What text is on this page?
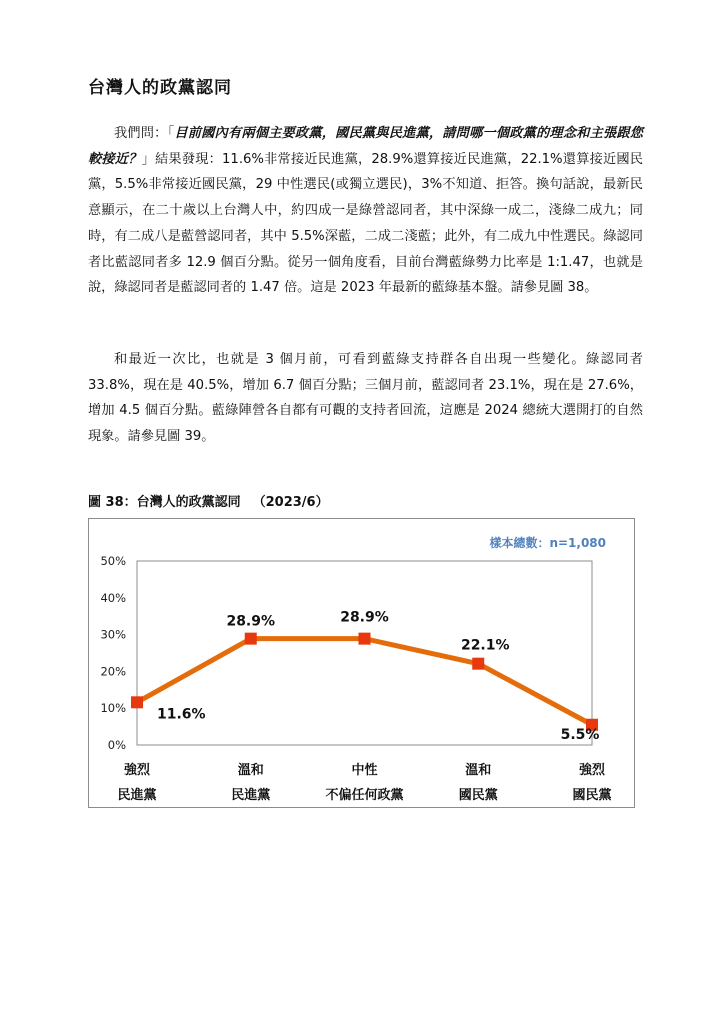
台灣人的政黨認同

我們問：「目前國內有兩個主要政黨，國民黨與民進黨，請問哪一個政黨的理念和主張跟您較接近？」結果發現：11.6%非常接近民進黨，28.9%還算接近民進黨，22.1%還算接近國民黨，5.5%非常接近國民黨，29 中性選民(或獨立選民)，3%不知道、拒答。換句話說，最新民意顯示，在二十歲以上台灣人中，約四成一是綠營認同者，其中深綠一成二，淺綠二成九；同時，有二成八是藍營認同者，其中 5.5%深藍，二成二淺藍；此外，有二成九中性選民。綠認同者比藍認同者多 12.9 個百分點。從另一個角度看，目前台灣藍綠勢力比率是 1:1.47，也就是說，綠認同者是藍認同者的 1.47 倍。這是 2023 年最新的藍綠基本盤。請參見圖 38。

和最近一次比，也就是 3 個月前，可看到藍綠支持群各自出現一些變化。綠認同者 33.8%，現在是 40.5%，增加 6.7 個百分點；三個月前，藍認同者 23.1%，現在是 27.6%，增加 4.5 個百分點。藍綠陣營各自都有可觀的支持者回流，這應是 2024 總統大選開打的自然現象。請參見圖 39。

圖 38：台灣人的政黨認同 （2023/6）
樣本總數：n=1,080
0%
10%
20%
30%
40%
50%
11.6%
28.9%	28.9%
22.1%
5.5%
強烈
民進黨
溫和
民進黨
中性
不偏任何政黨
溫和
國民黨
強烈
國民黨
